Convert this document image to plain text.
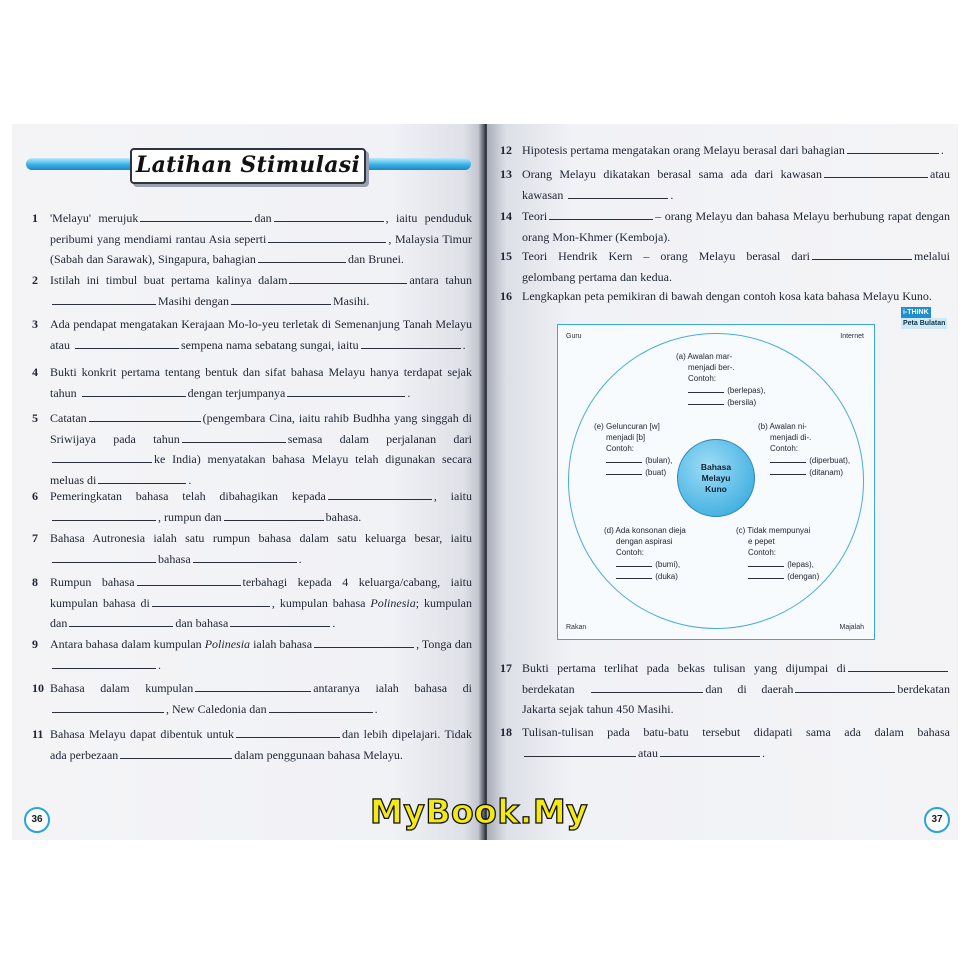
Latihan Stimulasi
1 'Melayu' merujuk	dan	, iaitu penduduk peribumi yang mendiami rantau Asia seperti	, Malaysia Timur (Sabah dan Sarawak), Singapura, bahagian	dan Brunei.
2 Istilah ini timbul buat pertama kalinya dalam	antara tahun Masihi dengan	Masihi.
3 Ada pendapat mengatakan Kerajaan Mo-lo-yeu terletak di Semenanjung Tanah Melayu atau	sempena nama sebatang sungai, iaitu	.
4 Bukti konkrit pertama tentang bentuk dan sifat bahasa Melayu hanya terdapat sejak tahun	dengan terjumpanya	.
5 Catatan	(pengembara Cina, iaitu rahib Budhha yang singgah di Sriwijaya pada tahun	semasa dalam perjalanan darike India) menyatakan bahasa Melayu telah digunakan secara meluas di	.
6 Pemeringkatan bahasa telah dibahagikan kepada	, iaitu , rumpun dan	bahasa.
7 Bahasa Autronesia ialah satu rumpun bahasa dalam satu keluarga besar, iaitu bahasa	.
8 Rumpun bahasa	terbahagi kepada 4 keluarga/cabang, iaitu kumpulan bahasa di	, kumpulan bahasa Polinesia; kumpulan dan	dan bahasa	.
9 Antara bahasa dalam kumpulan Polinesia ialah bahasa	, Tonga dan.
10 Bahasa dalam kumpulan	antaranya ialah bahasa di, New Caledonia dan	.
11 Bahasa Melayu dapat dibentuk untuk	dan lebih dipelajari. Tidak ada perbezaan	dalam penggunaan bahasa Melayu.
36
12 Hipotesis pertama mengatakan orang Melayu berasal dari bahagian	.
13 Orang Melayu dikatakan berasal sama ada dari kawasan	atau kawasan	.
14 Teori	– orang Melayu dan bahasa Melayu berhubung rapat dengan orang Mon-Khmer (Kemboja).
15 Teori Hendrik Kern – orang Melayu berasal dari	melalui gelombang pertama dan kedua.
16 Lengkapkan peta pemikiran di bawah dengan contoh kosa kata bahasa Melayu Kuno.
i-THINKPeta Bulatan
Guru	Internet
Rakan	Majalah
Bahasa
Melayu
Kuno
(a) Awalan mar-
menjadi ber-.
Contoh:
(berlepas),
(bersila)
(b) Awalan ni-
menjadi di-.
Contoh:
(diperbuat),
(ditanam)
(c) Tidak mempunyai
e pepet
Contoh:
(lepas),
(dengan)
(d) Ada konsonan dieja
dengan aspirasi
Contoh:
(bumi),
(duka)
(e) Geluncuran [w]
menjadi [b]
Contoh:
(bulan),
(buat)
17 Bukti pertama terlihat pada bekas tulisan yang dijumpai diberdekatan	dan di daerah	berdekatan Jakarta sejak tahun 450 Masihi.
18 Tulisan-tulisan pada batu-batu tersebut didapati sama ada dalam bahasaatau	.
37
MyBook.My
